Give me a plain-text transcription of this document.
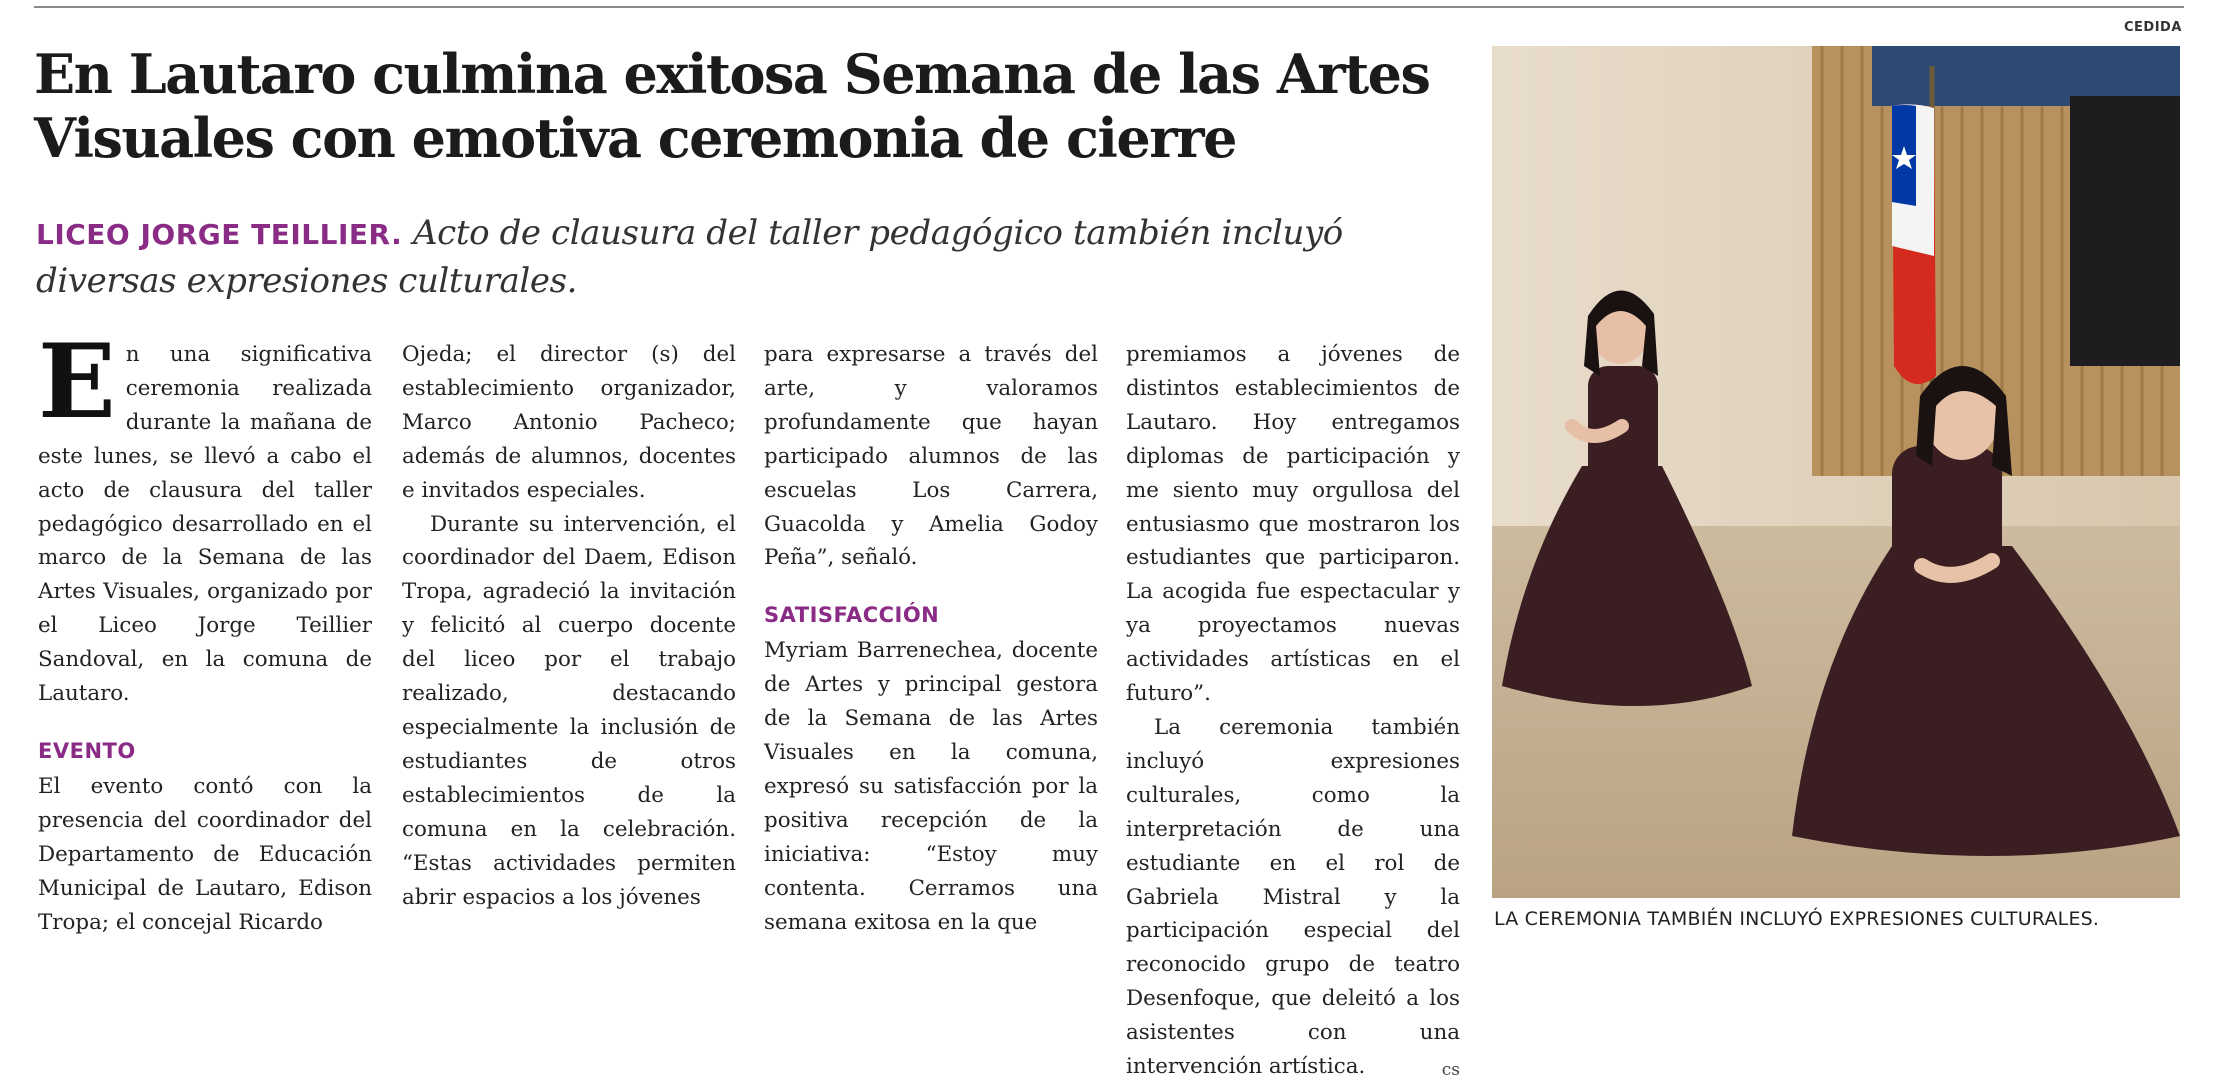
CEDIDA
En Lautaro culmina exitosa Semana de las Artes Visuales con emotiva ceremonia de cierre

LICEO JORGE TEILLIER. Acto de clausura del taller pedagógico también incluyó diversas expresiones culturales.

E n una significativa ceremonia realizada durante la mañana de este lunes, se llevó a cabo el acto de clausura del taller pedagógico desarrollado en el marco de la Semana de las Artes Visuales, organizado por el Liceo Jorge Teillier Sandoval, en la comuna de Lautaro.

EVENTO

El evento contó con la presencia del coordinador del Departamento de Educación Municipal de Lautaro, Edison Tropa; el concejal Ricardo

Ojeda; el director (s) del establecimiento organizador, Marco Antonio Pacheco; además de alumnos, docentes e invitados especiales.

Durante su intervención, el coordinador del Daem, Edison Tropa, agradeció la invitación y felicitó al cuerpo docente del liceo por el trabajo realizado, destacando especialmente la inclusión de estudiantes de otros establecimientos de la comuna en la celebración. “Estas actividades permiten abrir espacios a los jóvenes

para expresarse a través del arte, y valoramos profundamente que hayan participado alumnos de las escuelas Los Carrera, Guacolda y Amelia Godoy Peña”, señaló.

SATISFACCIÓN

Myriam Barrenechea, docente de Artes y principal gestora de la Semana de las Artes Visuales en la comuna, expresó su satisfacción por la positiva recepción de la iniciativa: “Estoy muy contenta. Cerramos una semana exitosa en la que

premiamos a jóvenes de distintos establecimientos de Lautaro. Hoy entregamos diplomas de participación y me siento muy orgullosa del entusiasmo que mostraron los estudiantes que participaron. La acogida fue espectacular y ya proyectamos nuevas actividades artísticas en el futuro”.

La ceremonia también incluyó expresiones culturales, como la interpretación de una estudiante en el rol de Gabriela Mistral y la participación especial del reconocido grupo de teatro Desenfoque, que deleitó a los asistentes con una intervención artística.	cs

LA CEREMONIA TAMBIÉN INCLUYÓ EXPRESIONES CULTURALES.
